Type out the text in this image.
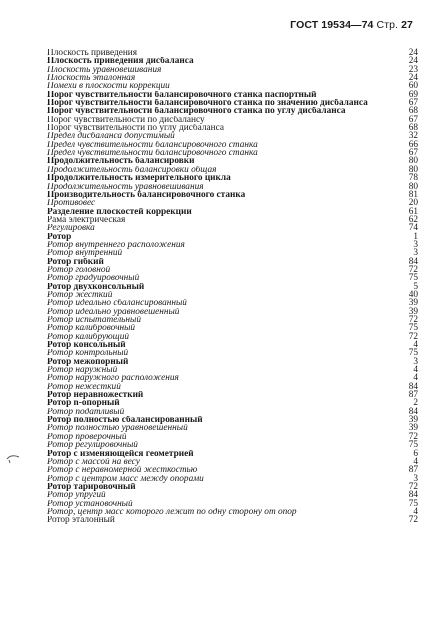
ГОСТ 19534—74 Стр. 27
Плоскость приведения	24
Плоскость приведения дисбаланса	24
Плоскость уравновешивания	23
Плоскость эталонная	24
Помехи в плоскости коррекции	60
Порог чувствительности балансировочного станка паспортный	69
Порог чувствительности балансировочного станка по значению дисбаланса	67
Порог чувствительности балансировочного станка по углу дисбаланса	68
Порог чувствительности по дисбалансу	67
Порог чувствительности по углу дисбаланса	68
Предел дисбаланса допустимый	32
Предел чувствительности балансировочного станка	66
Предел чувствительности балансировочного станка	67
Продолжительность балансировки	80
Продолжительность балансировки общая	80
Продолжительность измерительного цикла	78
Продолжительность уравновешивания	80
Производительность балансировочного станка	81
Противовес	20
Разделение плоскостей коррекции	61
Рама электрическая	62
Регулировка	74
Ротор	1
Ротор внутреннего расположения	3
Ротор внутренний	3
Ротор гибкий	84
Ротор головной	72
Ротор градуировочный	75
Ротор двухконсольный	5
Ротор жесткий	40
Ротор идеально сбалансированный	39
Ротор идеально уравновешенный	39
Ротор испытательный	72
Ротор калибровочный	75
Ротор калибрующий	72
Ротор консольный	4
Ротор контрольный	75
Ротор межопорный	3
Ротор наружный	4
Ротор наружного расположения	4
Ротор нежесткий	84
Ротор неравножесткий	87
Ротор n-опорный	2
Ротор податливый	84
Ротор полностью сбалансированный	39
Ротор полностью уравновешенный	39
Ротор проверочный	72
Ротор регулировочный	75
Ротор с изменяющейся геометрией	6
Ротор с массой на весу	4
Ротор с неравномерной жесткостью	87
Ротор с центром масс между опорами	3
Ротор тарировочный	72
Ротор упругий	84
Ротор установочный	75
Ротор, центр масс которого лежит по одну сторону от опор	4
Ротор эталонный	72
